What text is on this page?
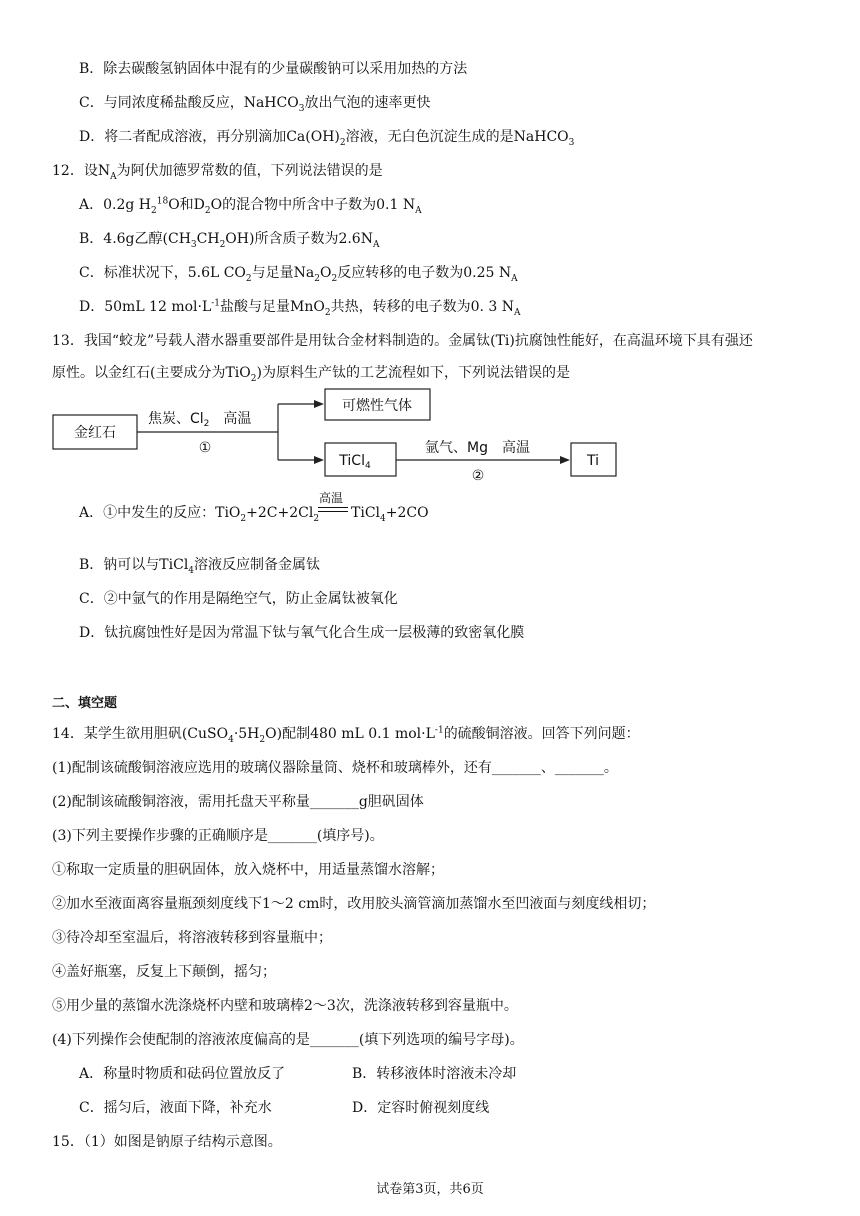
B．除去碳酸氢钠固体中混有的少量碳酸钠可以采用加热的方法
C．与同浓度稀盐酸反应，NaHCO$_3$放出气泡的速率更快
D．将二者配成溶液，再分别滴加$Ca(OH)_2$溶液，无白色沉淀生成的是NaHCO$_3$
12．设$N_A$为阿伏加德罗常数的值，下列说法错误的是
A．0.2g $H_2^{18}O$和$D_2O$的混合物中所含中子数为0.1 $N_A$
B．4.6g乙醇$(CH_3CH_2OH)$所含质子数为$2.6N_A$
C．标准状况下，5.6L $CO_2$与足量$Na_2O_2$反应转移的电子数为0.25 $N_A$
D．50mL 12 $mol\cdot L^{-1}$盐酸与足量MnO$_2$共热，转移的电子数为0. 3 $N_A$
13．我国“蛟龙”号载人潜水器重要部件是用钛合金材料制造的。金属钛(Ti)抗腐蚀性能好，在高温环境下具有强还
原性。以金红石(主要成分为TiO$_2$)为原料生产钛的工艺流程如下，下列说法错误的是
金红石
焦炭、$Cl_2$ 高温
①
可燃性气体
TiCl$_4$
氩气、Mg 高温
②
Ti
高温
A．①中发生的反应：$TiO_2+2C+2Cl_2$ TiCl$_4$+2CO
B．钠可以与TiCl$_4$溶液反应制备金属钛
C．②中氩气的作用是隔绝空气，防止金属钛被氧化
D．钛抗腐蚀性好是因为常温下钛与氧气化合生成一层极薄的致密氧化膜
二、填空题
14．某学生欲用胆矾$(CuSO_4\cdot 5H_2O)$配制480 mL 0.1 $mol\cdot L^{-1}$的硫酸铜溶液。回答下列问题：
(1)配制该硫酸铜溶液应选用的玻璃仪器除量筒、烧杯和玻璃棒外，还有_______、_______。
(2)配制该硫酸铜溶液，需用托盘天平称量_______g胆矾固体
(3)下列主要操作步骤的正确顺序是_______(填序号)。
①称取一定质量的胆矾固体，放入烧杯中，用适量蒸馏水溶解；
②加水至液面离容量瓶颈刻度线下1～2 cm时，改用胶头滴管滴加蒸馏水至凹液面与刻度线相切；
③待冷却至室温后，将溶液转移到容量瓶中；
④盖好瓶塞，反复上下颠倒，摇匀；
⑤用少量的蒸馏水洗涤烧杯内壁和玻璃棒2～3次，洗涤液转移到容量瓶中。
(4)下列操作会使配制的溶液浓度偏高的是_______(填下列选项的编号字母)。
A．称量时物质和砝码位置放反了	B．转移液体时溶液未冷却
C．摇匀后，液面下降，补充水	D．定容时俯视刻度线
15．（1）如图是钠原子结构示意图。
试卷第3页，共6页
